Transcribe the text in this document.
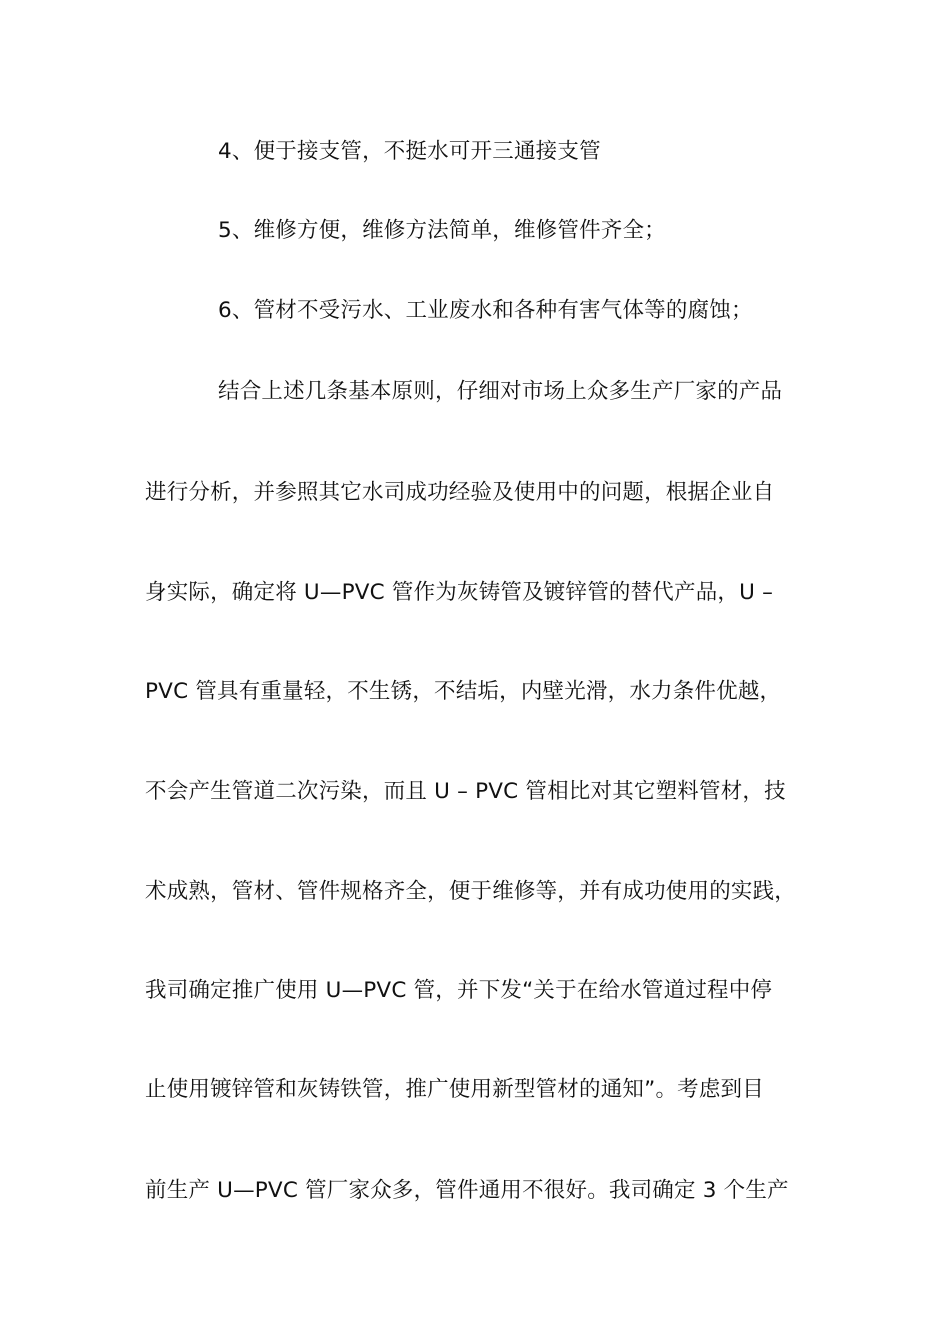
4、便于接支管，不挺水可开三通接支管
5、维修方便，维修方法简单，维修管件齐全；
6、管材不受污水、工业废水和各种有害气体等的腐蚀；
结合上述几条基本原则，仔细对市场上众多生产厂家的产品
进行分析，并参照其它水司成功经验及使用中的问题，根据企业自
身实际，确定将 U—PVC 管作为灰铸管及镀锌管的替代产品，U –
PVC 管具有重量轻，不生锈，不结垢，内壁光滑，水力条件优越，
不会产生管道二次污染，而且 U – PVC 管相比对其它塑料管材，技
术成熟，管材、管件规格齐全，便于维修等，并有成功使用的实践，
我司确定推广使用 U—PVC 管，并下发“关于在给水管道过程中停
止使用镀锌管和灰铸铁管，推广使用新型管材的通知”。考虑到目
前生产 U—PVC 管厂家众多，管件通用不很好。我司确定 3 个生产
